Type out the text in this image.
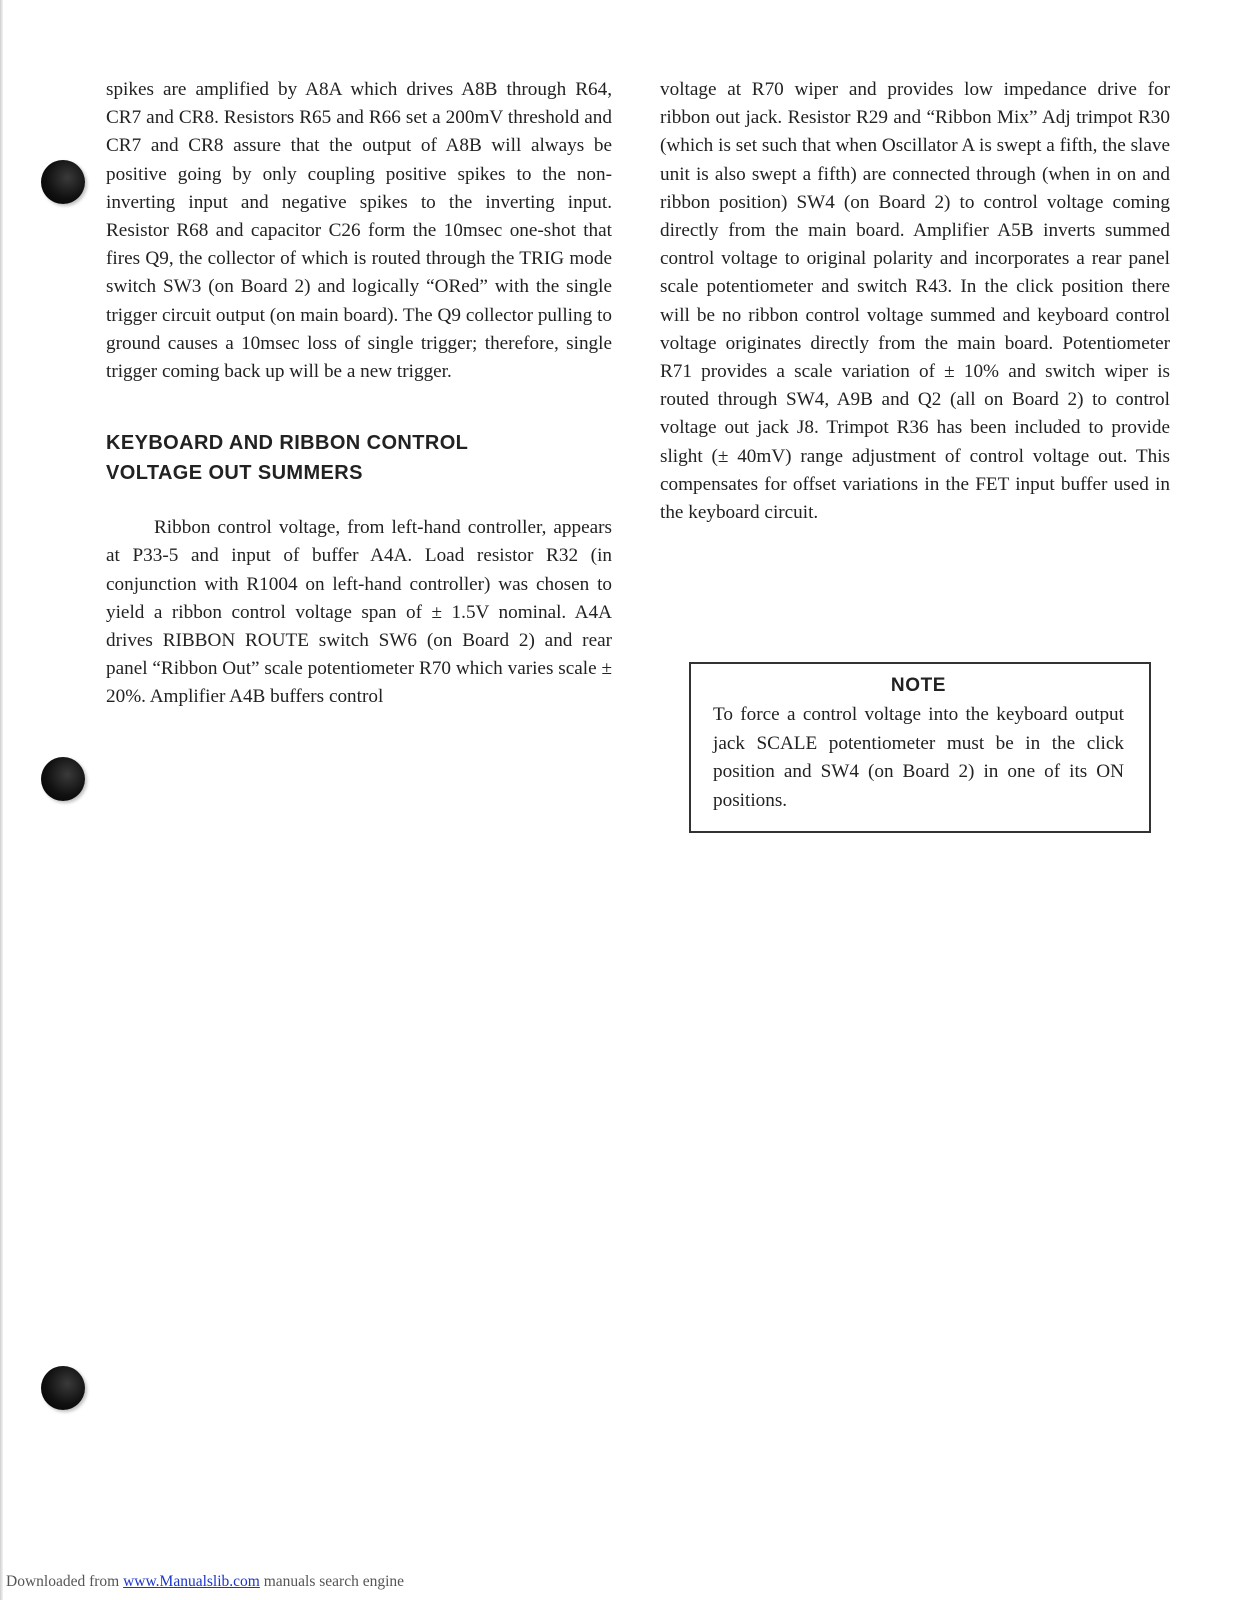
spikes are amplified by A8A which drives A8B through R64, CR7 and CR8. Resistors R65 and R66 set a 200mV threshold and CR7 and CR8 assure that the output of A8B will always be positive going by only coupling positive spikes to the non-inverting input and negative spikes to the inverting input. Resistor R68 and capacitor C26 form the 10msec one-shot that fires Q9, the collector of which is routed through the TRIG mode switch SW3 (on Board 2) and logically “ORed” with the single trigger circuit output (on main board). The Q9 collector pulling to ground causes a 10msec loss of single trigger; therefore, single trigger coming back up will be a new trigger.

KEYBOARD AND RIBBON CONTROL
VOLTAGE OUT SUMMERS

Ribbon control voltage, from left-hand controller, appears at P33-5 and input of buffer A4A. Load resistor R32 (in conjunction with R1004 on left-hand controller) was chosen to yield a ribbon control voltage span of ± 1.5V nominal. A4A drives RIBBON ROUTE switch SW6 (on Board 2) and rear panel “Ribbon Out” scale potentiometer R70 which varies scale ± 20%. Amplifier A4B buffers control

voltage at R70 wiper and provides low impedance drive for ribbon out jack. Resistor R29 and “Ribbon Mix” Adj trimpot R30 (which is set such that when Oscillator A is swept a fifth, the slave unit is also swept a fifth) are connected through (when in on and ribbon position) SW4 (on Board 2) to control voltage coming directly from the main board. Amplifier A5B inverts summed control voltage to original polarity and incorporates a rear panel scale potentiometer and switch R43. In the click position there will be no ribbon control voltage summed and keyboard control voltage originates directly from the main board. Potentiometer R71 provides a scale variation of ± 10% and switch wiper is routed through SW4, A9B and Q2 (all on Board 2) to control voltage out jack J8. Trimpot R36 has been included to provide slight (± 40mV) range adjustment of control voltage out. This compensates for offset variations in the FET input buffer used in the keyboard circuit.

NOTE
To force a control voltage into the keyboard output jack SCALE potentiometer must be in the click position and SW4 (on Board 2) in one of its ON positions.
Downloaded from www.Manualslib.com manuals search engine
